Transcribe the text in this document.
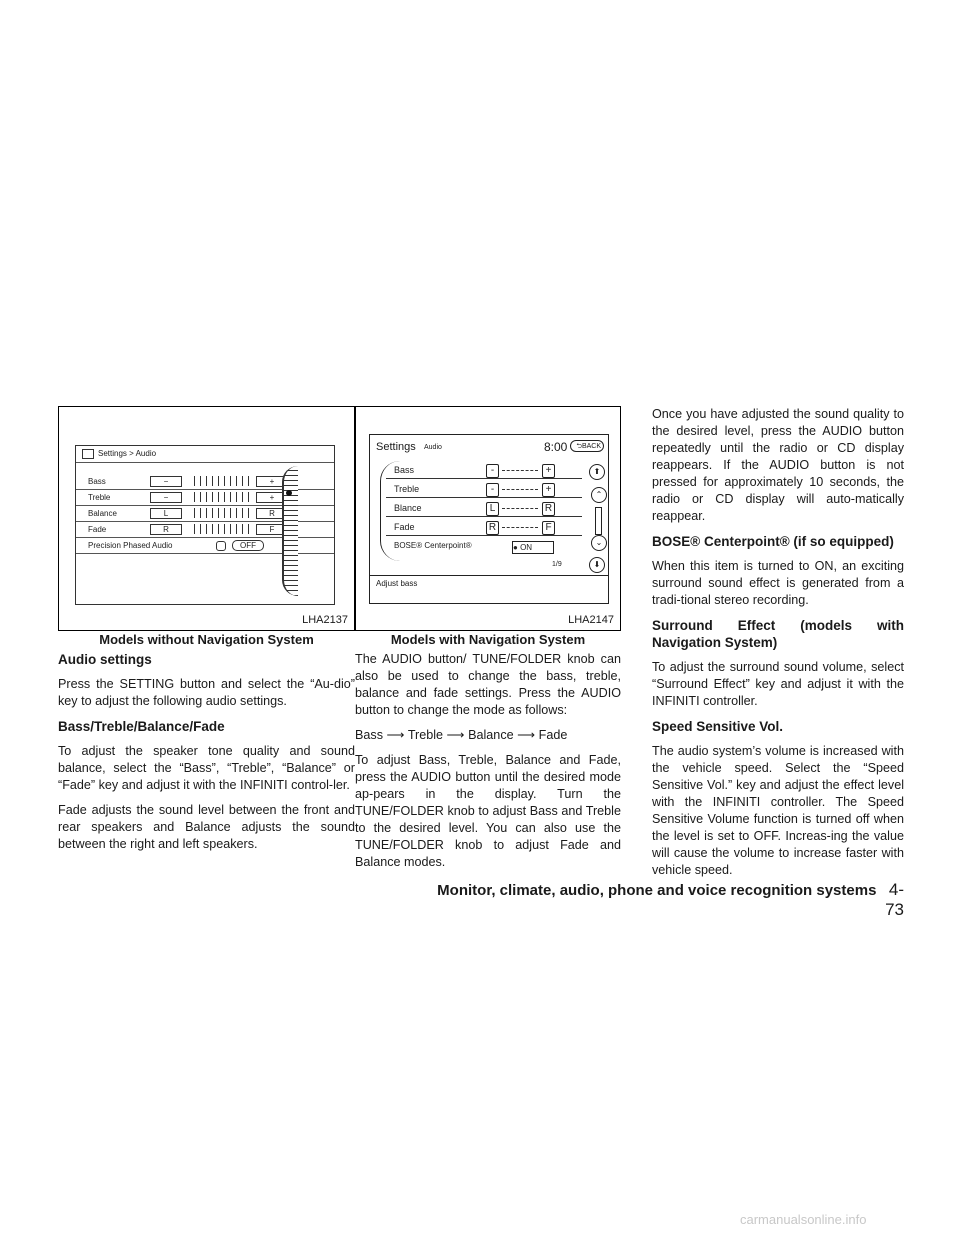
Settings > Audio
Bass	−	+
Treble	−	+
Balance	L	R
Fade	R	F
Precision Phased Audio	OFF
LHA2137
Models without Navigation System
Settings Audio	8:00	⮌BACK
Bass	-	+
Treble	-	+
Blance	L	R
Fade	R	F
BOSE® Centerpoint®	● ON
1/9
Adjust bass
⬆
⌃
⌄
⬇
LHA2147
Models with Navigation System
Audio settings

Press the SETTING button and select the “Au-dio” key to adjust the following audio settings.

Bass/Treble/Balance/Fade

To adjust the speaker tone quality and sound balance, select the “Bass”, “Treble”, “Balance” or “Fade” key and adjust it with the INFINITI control-ler.

Fade adjusts the sound level between the front and rear speakers and Balance adjusts the sound between the right and left speakers.

The AUDIO button/ TUNE/FOLDER knob can also be used to change the bass, treble, balance and fade settings. Press the AUDIO button to change the mode as follows:

Bass ⟶ Treble ⟶ Balance ⟶ Fade

To adjust Bass, Treble, Balance and Fade, press the AUDIO button until the desired mode ap-pears in the display. Turn the TUNE/FOLDER knob to adjust Bass and Treble to the desired level. You can also use the TUNE/FOLDER knob to adjust Fade and Balance modes.

Once you have adjusted the sound quality to the desired level, press the AUDIO button repeatedly until the radio or CD display reappears. If the AUDIO button is not pressed for approximately 10 seconds, the radio or CD display will auto-matically reappear.

BOSE® Centerpoint® (if so equipped)

When this item is turned to ON, an exciting surround sound effect is generated from a tradi-tional stereo recording.

Surround Effect (models with Navigation System)

To adjust the surround sound volume, select “Surround Effect” key and adjust it with the INFINITI controller.

Speed Sensitive Vol.

The audio system’s volume is increased with the vehicle speed. Select the “Speed Sensitive Vol.” key and adjust the effect level with the INFINITI controller. The Speed Sensitive Volume function is turned off when the level is set to OFF. Increas-ing the value will cause the volume to increase faster with vehicle speed.

Monitor, climate, audio, phone and voice recognition systems 4-73
carmanualsonline.info
